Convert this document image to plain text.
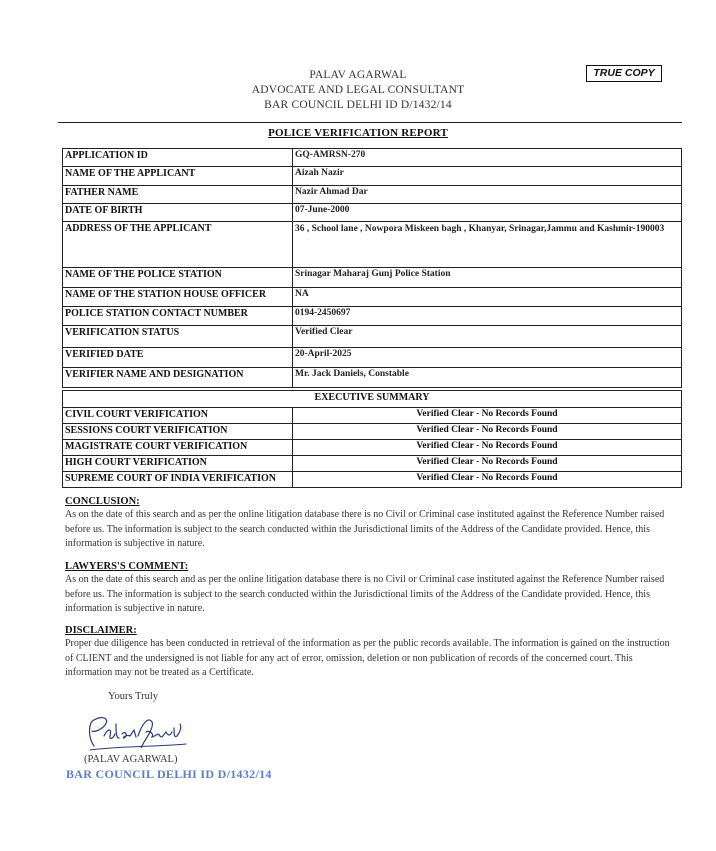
PALAV AGARWAL
ADVOCATE AND LEGAL CONSULTANT
BAR COUNCIL DELHI ID D/1432/14
TRUE COPY
POLICE VERIFICATION REPORT
APPLICATION ID	GQ-AMRSN-270
NAME OF THE APPLICANT	Aizah Nazir
FATHER NAME	Nazir Ahmad Dar
DATE OF BIRTH	07-June-2000
ADDRESS OF THE APPLICANT	36 , School lane , Nowpora Miskeen bagh , Khanyar, Srinagar,Jammu and Kashmir-190003
NAME OF THE POLICE STATION	Srinagar Maharaj Gunj Police Station
NAME OF THE STATION HOUSE OFFICER	NA
POLICE STATION CONTACT NUMBER	0194-2450697
VERIFICATION STATUS	Verified Clear
VERIFIED DATE	20-April-2025
VERIFIER NAME AND DESIGNATION	Mr. Jack Daniels, Constable
EXECUTIVE SUMMARY	
CIVIL COURT VERIFICATION	Verified Clear - No Records Found
SESSIONS COURT VERIFICATION	Verified Clear - No Records Found
MAGISTRATE COURT VERIFICATION	Verified Clear - No Records Found
HIGH COURT VERIFICATION	Verified Clear - No Records Found
SUPREME COURT OF INDIA VERIFICATION	Verified Clear - No Records Found
CONCLUSION:
As on the date of this search and as per the online litigation database there is no Civil or Criminal case instituted against the Reference Number raised before us. The information is subject to the search conducted within the Jurisdictional limits of the Address of the Candidate provided. Hence, this information is subjective in nature.
LAWYERS'S COMMENT:
As on the date of this search and as per the online litigation database there is no Civil or Criminal case instituted against the Reference Number raised before us. The information is subject to the search conducted within the Jurisdictional limits of the Address of the Candidate provided. Hence, this information is subjective in nature.
DISCLAIMER:
Proper due diligence has been conducted in retrieval of the information as per the public records available. The information is gained on the instruction of CLIENT and the undersigned is not liable for any act of error, omission, deletion or non publication of records of the concerned court. This information may not be treated as a Certificate.
Yours Truly
(PALAV AGARWAL)
BAR COUNCIL DELHI ID D/1432/14
